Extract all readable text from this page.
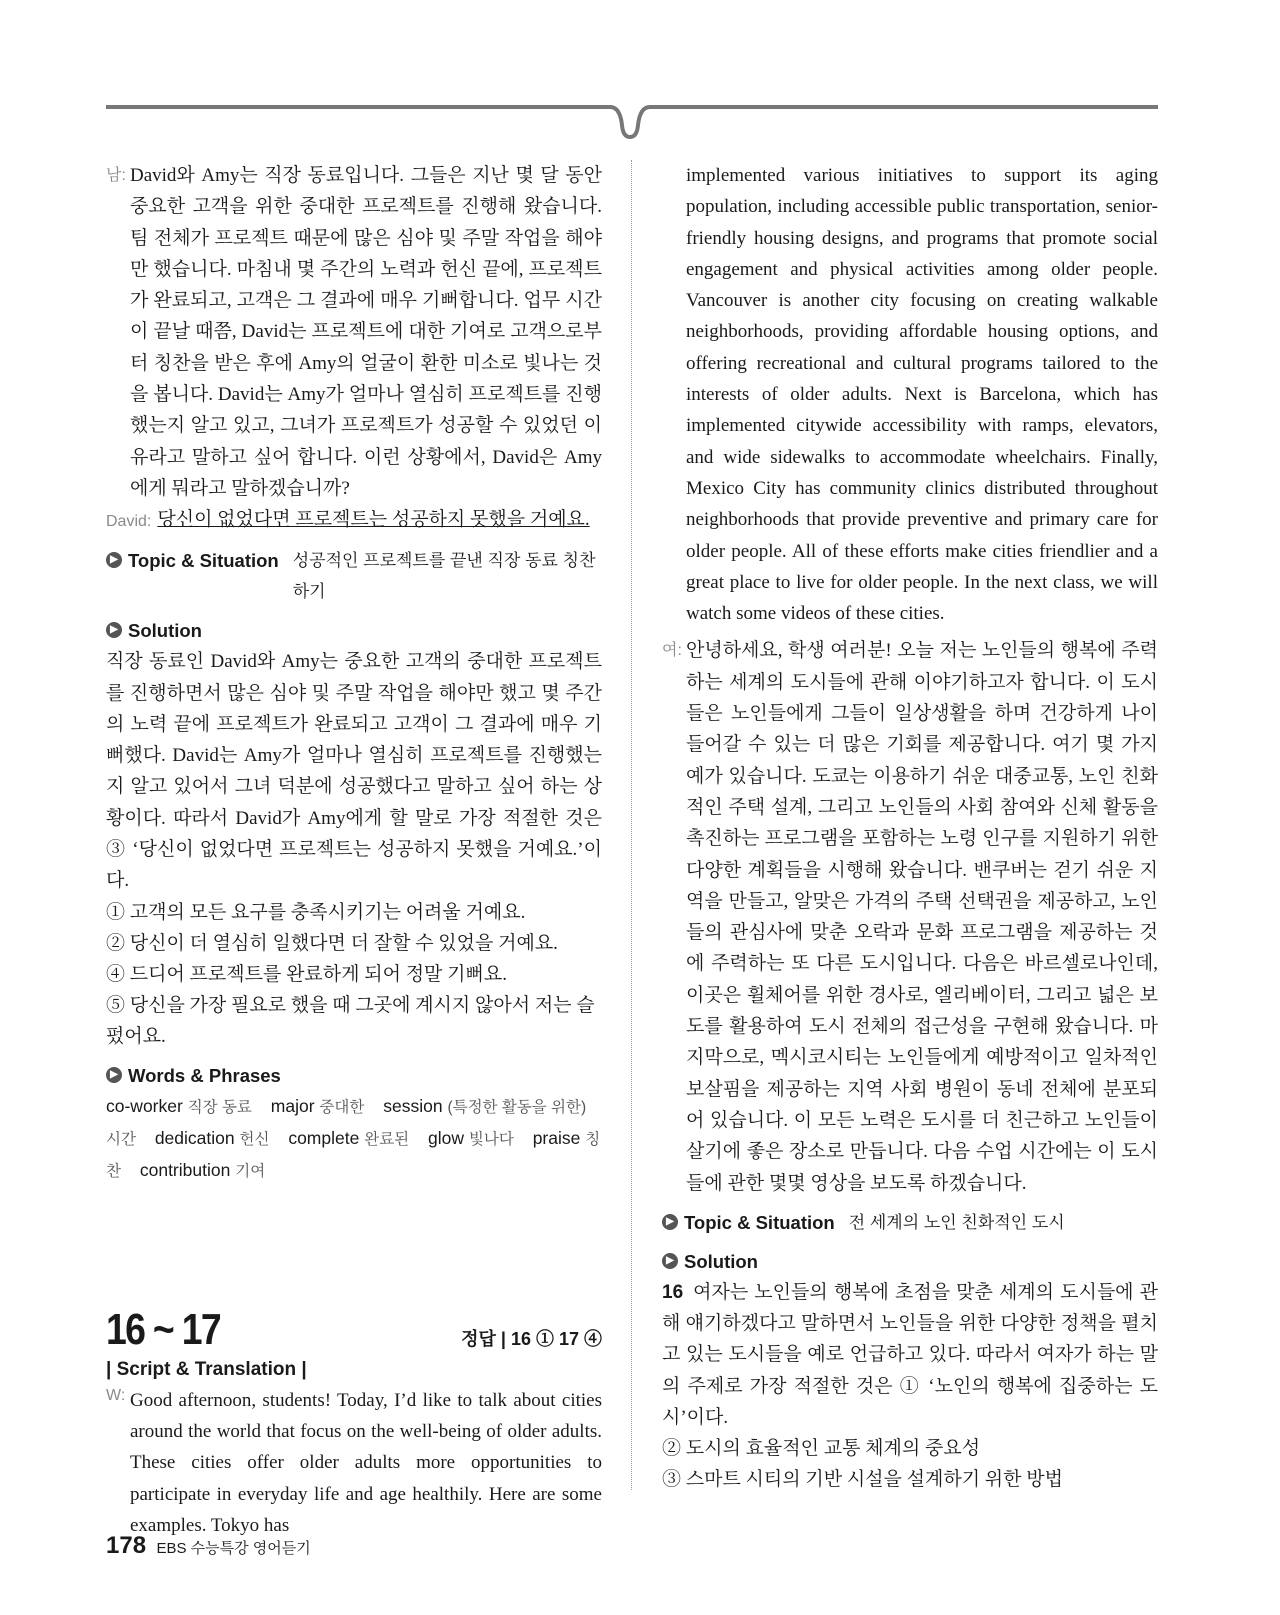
남: David와 Amy는 직장 동료입니다. 그들은 지난 몇 달 동안 중요한 고객을 위한 중대한 프로젝트를 진행해 왔습니다. 팀 전체가 프로젝트 때문에 많은 심야 및 주말 작업을 해야만 했습니다. 마침내 몇 주간의 노력과 헌신 끝에, 프로젝트가 완료되고, 고객은 그 결과에 매우 기뻐합니다. 업무 시간이 끝날 때쯤, David는 프로젝트에 대한 기여로 고객으로부터 칭찬을 받은 후에 Amy의 얼굴이 환한 미소로 빛나는 것을 봅니다. David는 Amy가 얼마나 열심히 프로젝트를 진행했는지 알고 있고, 그녀가 프로젝트가 성공할 수 있었던 이유라고 말하고 싶어 합니다. 이런 상황에서, David은 Amy에게 뭐라고 말하겠습니까?

David: 당신이 없었다면 프로젝트는 성공하지 못했을 거예요.
▶ Topic & Situation 성공적인 프로젝트를 끝낸 직장 동료 칭찬하기
▶ Solution

직장 동료인 David와 Amy는 중요한 고객의 중대한 프로젝트를 진행하면서 많은 심야 및 주말 작업을 해야만 했고 몇 주간의 노력 끝에 프로젝트가 완료되고 고객이 그 결과에 매우 기뻐했다. David는 Amy가 얼마나 열심히 프로젝트를 진행했는지 알고 있어서 그녀 덕분에 성공했다고 말하고 싶어 하는 상황이다. 따라서 David가 Amy에게 할 말로 가장 적절한 것은 ③ ‘당신이 없었다면 프로젝트는 성공하지 못했을 거예요.’이다.

① 고객의 모든 요구를 충족시키기는 어려울 거예요.

② 당신이 더 열심히 일했다면 더 잘할 수 있었을 거예요.

④ 드디어 프로젝트를 완료하게 되어 정말 기뻐요.

⑤ 당신을 가장 필요로 했을 때 그곳에 계시지 않아서 저는 슬펐어요.

▶ Words & Phrases
co-worker 직장 동료 major 중대한 session (특정한 활동을 위한) 시간 dedication 헌신 complete 완료된 glow 빛나다 praise 칭찬 contribution 기여
16 ~ 17	정답 | 16 ① 17 ④
| Script & Translation |
W: Good afternoon, students! Today, I’d like to talk about cities around the world that focus on the well-being of older adults. These cities offer older adults more opportunities to participate in everyday life and age healthily. Here are some examples. Tokyo has

implemented various initiatives to support its aging population, including accessible public transportation, senior-friendly housing designs, and programs that promote social engagement and physical activities among older people. Vancouver is another city focusing on creating walkable neighborhoods, providing affordable housing options, and offering recreational and cultural programs tailored to the interests of older adults. Next is Barcelona, which has implemented citywide accessibility with ramps, elevators, and wide sidewalks to accommodate wheelchairs. Finally, Mexico City has community clinics distributed throughout neighborhoods that provide preventive and primary care for older people. All of these efforts make cities friendlier and a great place to live for older people. In the next class, we will watch some videos of these cities.

여: 안녕하세요, 학생 여러분! 오늘 저는 노인들의 행복에 주력하는 세계의 도시들에 관해 이야기하고자 합니다. 이 도시들은 노인들에게 그들이 일상생활을 하며 건강하게 나이 들어갈 수 있는 더 많은 기회를 제공합니다. 여기 몇 가지 예가 있습니다. 도쿄는 이용하기 쉬운 대중교통, 노인 친화적인 주택 설계, 그리고 노인들의 사회 참여와 신체 활동을 촉진하는 프로그램을 포함하는 노령 인구를 지원하기 위한 다양한 계획들을 시행해 왔습니다. 밴쿠버는 걷기 쉬운 지역을 만들고, 알맞은 가격의 주택 선택권을 제공하고, 노인들의 관심사에 맞춘 오락과 문화 프로그램을 제공하는 것에 주력하는 또 다른 도시입니다. 다음은 바르셀로나인데, 이곳은 휠체어를 위한 경사로, 엘리베이터, 그리고 넓은 보도를 활용하여 도시 전체의 접근성을 구현해 왔습니다. 마지막으로, 멕시코시티는 노인들에게 예방적이고 일차적인 보살핌을 제공하는 지역 사회 병원이 동네 전체에 분포되어 있습니다. 이 모든 노력은 도시를 더 친근하고 노인들이 살기에 좋은 장소로 만듭니다. 다음 수업 시간에는 이 도시들에 관한 몇몇 영상을 보도록 하겠습니다.

▶ Topic & Situation 전 세계의 노인 친화적인 도시
▶ Solution

16 여자는 노인들의 행복에 초점을 맞춘 세계의 도시들에 관해 얘기하겠다고 말하면서 노인들을 위한 다양한 정책을 펼치고 있는 도시들을 예로 언급하고 있다. 따라서 여자가 하는 말의 주제로 가장 적절한 것은 ① ‘노인의 행복에 집중하는 도시’이다.

② 도시의 효율적인 교통 체계의 중요성

③ 스마트 시티의 기반 시설을 설계하기 위한 방법

178 EBS 수능특강 영어듣기
